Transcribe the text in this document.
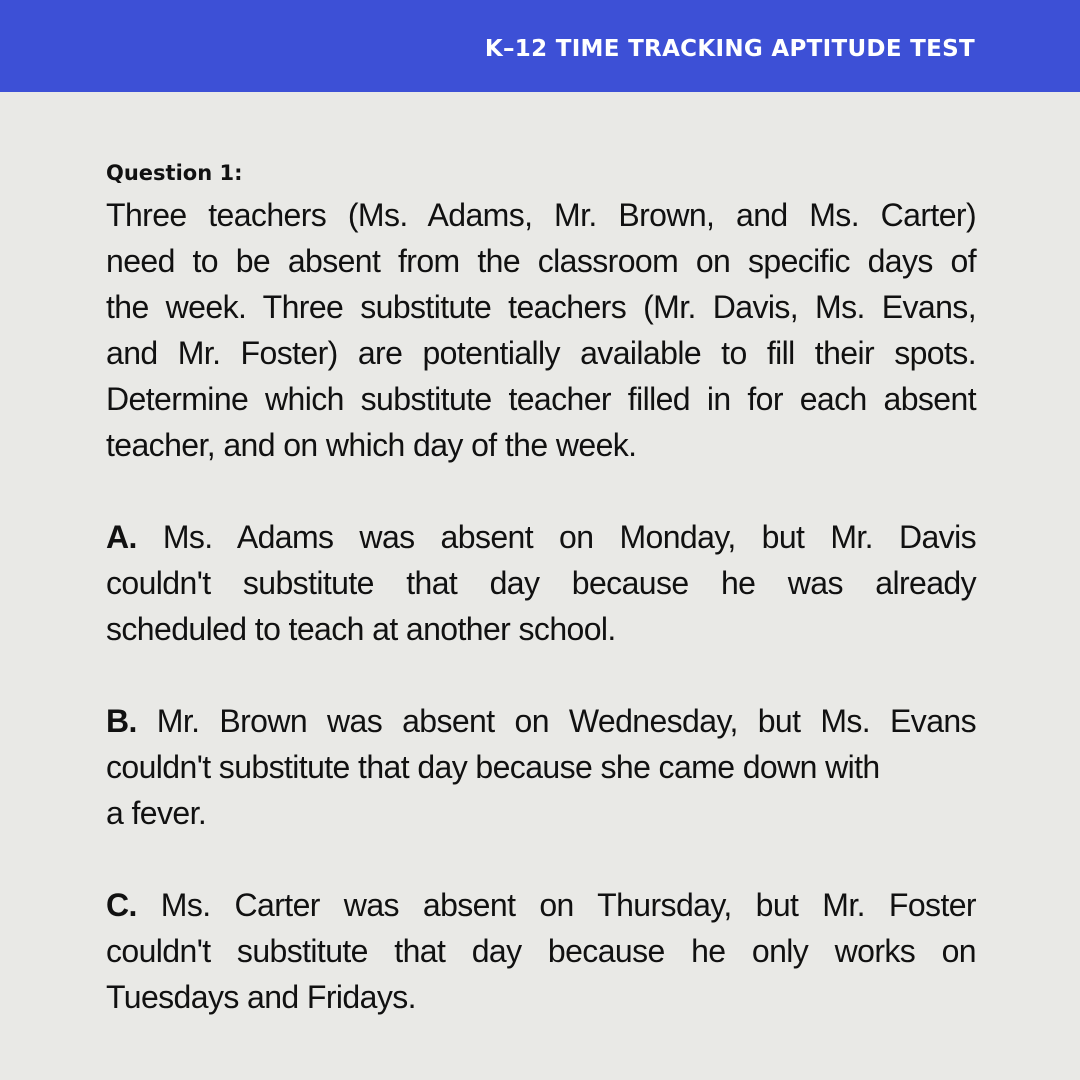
K–12 TIME TRACKING APTITUDE TEST
Question 1:
Three teachers (Ms. Adams, Mr. Brown, and Ms. Carter)
need to be absent from the classroom on specific days of
the week. Three substitute teachers (Mr. Davis, Ms. Evans,
and Mr. Foster) are potentially available to fill their spots.
Determine which substitute teacher filled in for each absent
teacher, and on which day of the week.
A. Ms. Adams was absent on Monday, but Mr. Davis
couldn't substitute that day because he was already
scheduled to teach at another school.
B. Mr. Brown was absent on Wednesday, but Ms. Evans
couldn't substitute that day because she came down with
a fever.
C. Ms. Carter was absent on Thursday, but Mr. Foster
couldn't substitute that day because he only works on
Tuesdays and Fridays.
